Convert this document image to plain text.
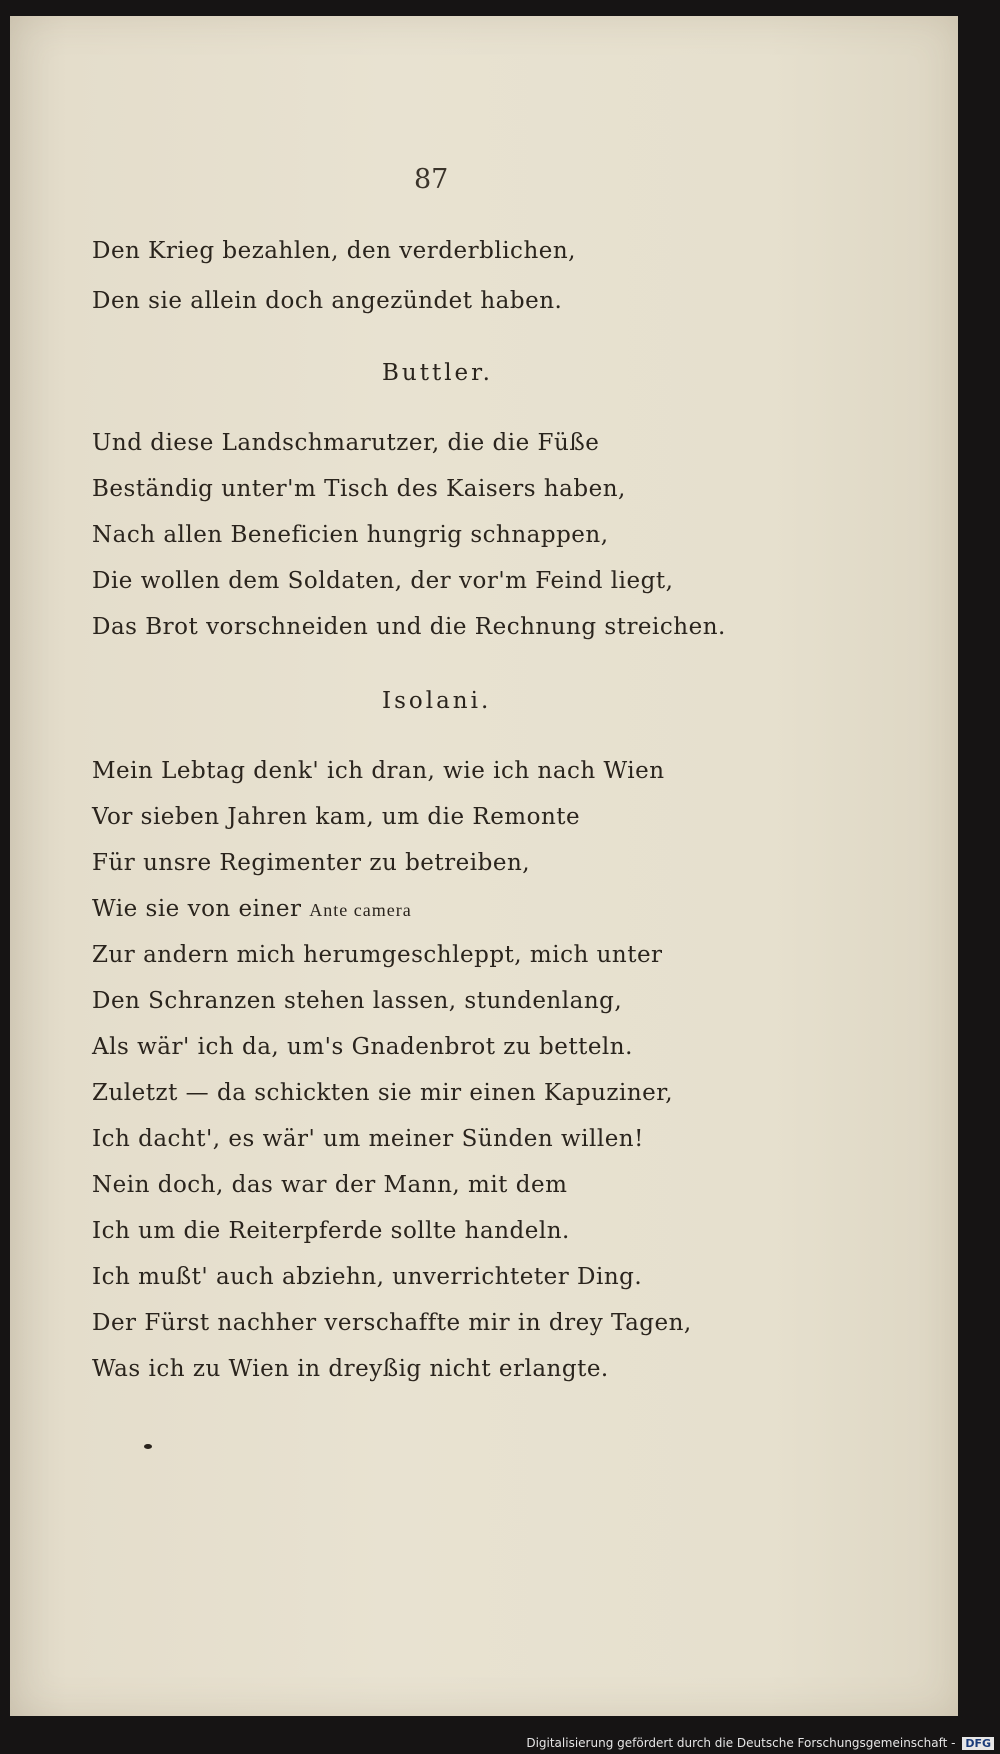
87
Den Krieg bezahlen, den verderblichen,
Den sie allein doch angezündet haben.
Buttler.
Und diese Landschmarutzer, die die Füße
Beständig unter'm Tisch des Kaisers haben,
Nach allen Beneficien hungrig schnappen,
Die wollen dem Soldaten, der vor'm Feind liegt,
Das Brot vorschneiden und die Rechnung streichen.
Isolani.
Mein Lebtag denk' ich dran, wie ich nach Wien
Vor sieben Jahren kam, um die Remonte
Für unsre Regimenter zu betreiben,
Wie sie von einer Ante camera
Zur andern mich herumgeschleppt, mich unter
Den Schranzen stehen lassen, stundenlang,
Als wär' ich da, um's Gnadenbrot zu betteln.
Zuletzt — da schickten sie mir einen Kapuziner,
Ich dacht', es wär' um meiner Sünden willen!
Nein doch, das war der Mann, mit dem
Ich um die Reiterpferde sollte handeln.
Ich mußt' auch abziehn, unverrichteter Ding.
Der Fürst nachher verschaffte mir in drey Tagen,
Was ich zu Wien in dreyßig nicht erlangte.
Digitalisierung gefördert durch die Deutsche Forschungsgemeinschaft - DFG
